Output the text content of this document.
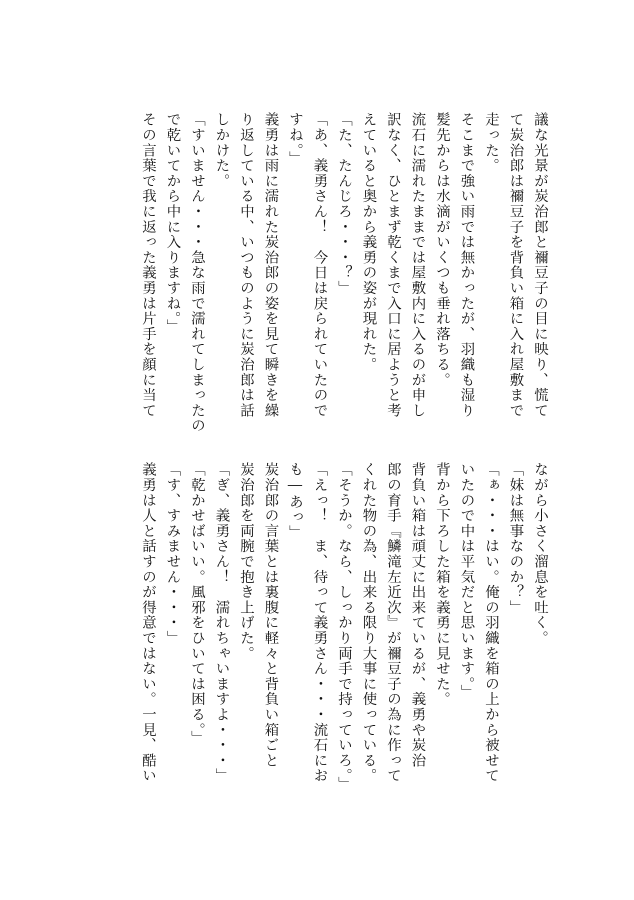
議な光景が炭治郎と禰豆子の目に映り、慌て
て炭治郎は禰豆子を背負い箱に入れ屋敷まで
走った。
そこまで強い雨では無かったが、羽織も湿り
髪先からは水滴がいくつも垂れ落ちる。
流石に濡れたままでは屋敷内に入るのが申し
訳なく、ひとまず乾くまで入口に居ようと考
えていると奥から義勇の姿が現れた。
「た、たんじろ・・・？」
「あ、義勇さん！　今日は戻られていたので
すね。」
義勇は雨に濡れた炭治郎の姿を見て瞬きを繰
り返している中、いつものように炭治郎は話
しかけた。
「すいません・・・急な雨で濡れてしまったの
で乾いてから中に入りますね。」
その言葉で我に返った義勇は片手を顔に当て
ながら小さく溜息を吐く。
「妹は無事なのか？」
「ぁ・・・はい。俺の羽織を箱の上から被せて
いたので中は平気だと思います。」
背から下ろした箱を義勇に見せた。
背負い箱は頑丈に出来ているが、義勇や炭治
郎の育手『鱗滝左近次』が禰豆子の為に作って
くれた物の為、出来る限り大事に使っている。
「そうか。なら、しっかり両手で持っていろ。」
「えっ！　ま、待って義勇さん・・・流石にお
も―あっ」
炭治郎の言葉とは裏腹に軽々と背負い箱ごと
炭治郎を両腕で抱き上げた。
「ぎ、義勇さん！　濡れちゃいますよ・・・」
「乾かせばいい。風邪をひいては困る。」
「す、すみません・・・」
義勇は人と話すのが得意ではない。一見、酷い
